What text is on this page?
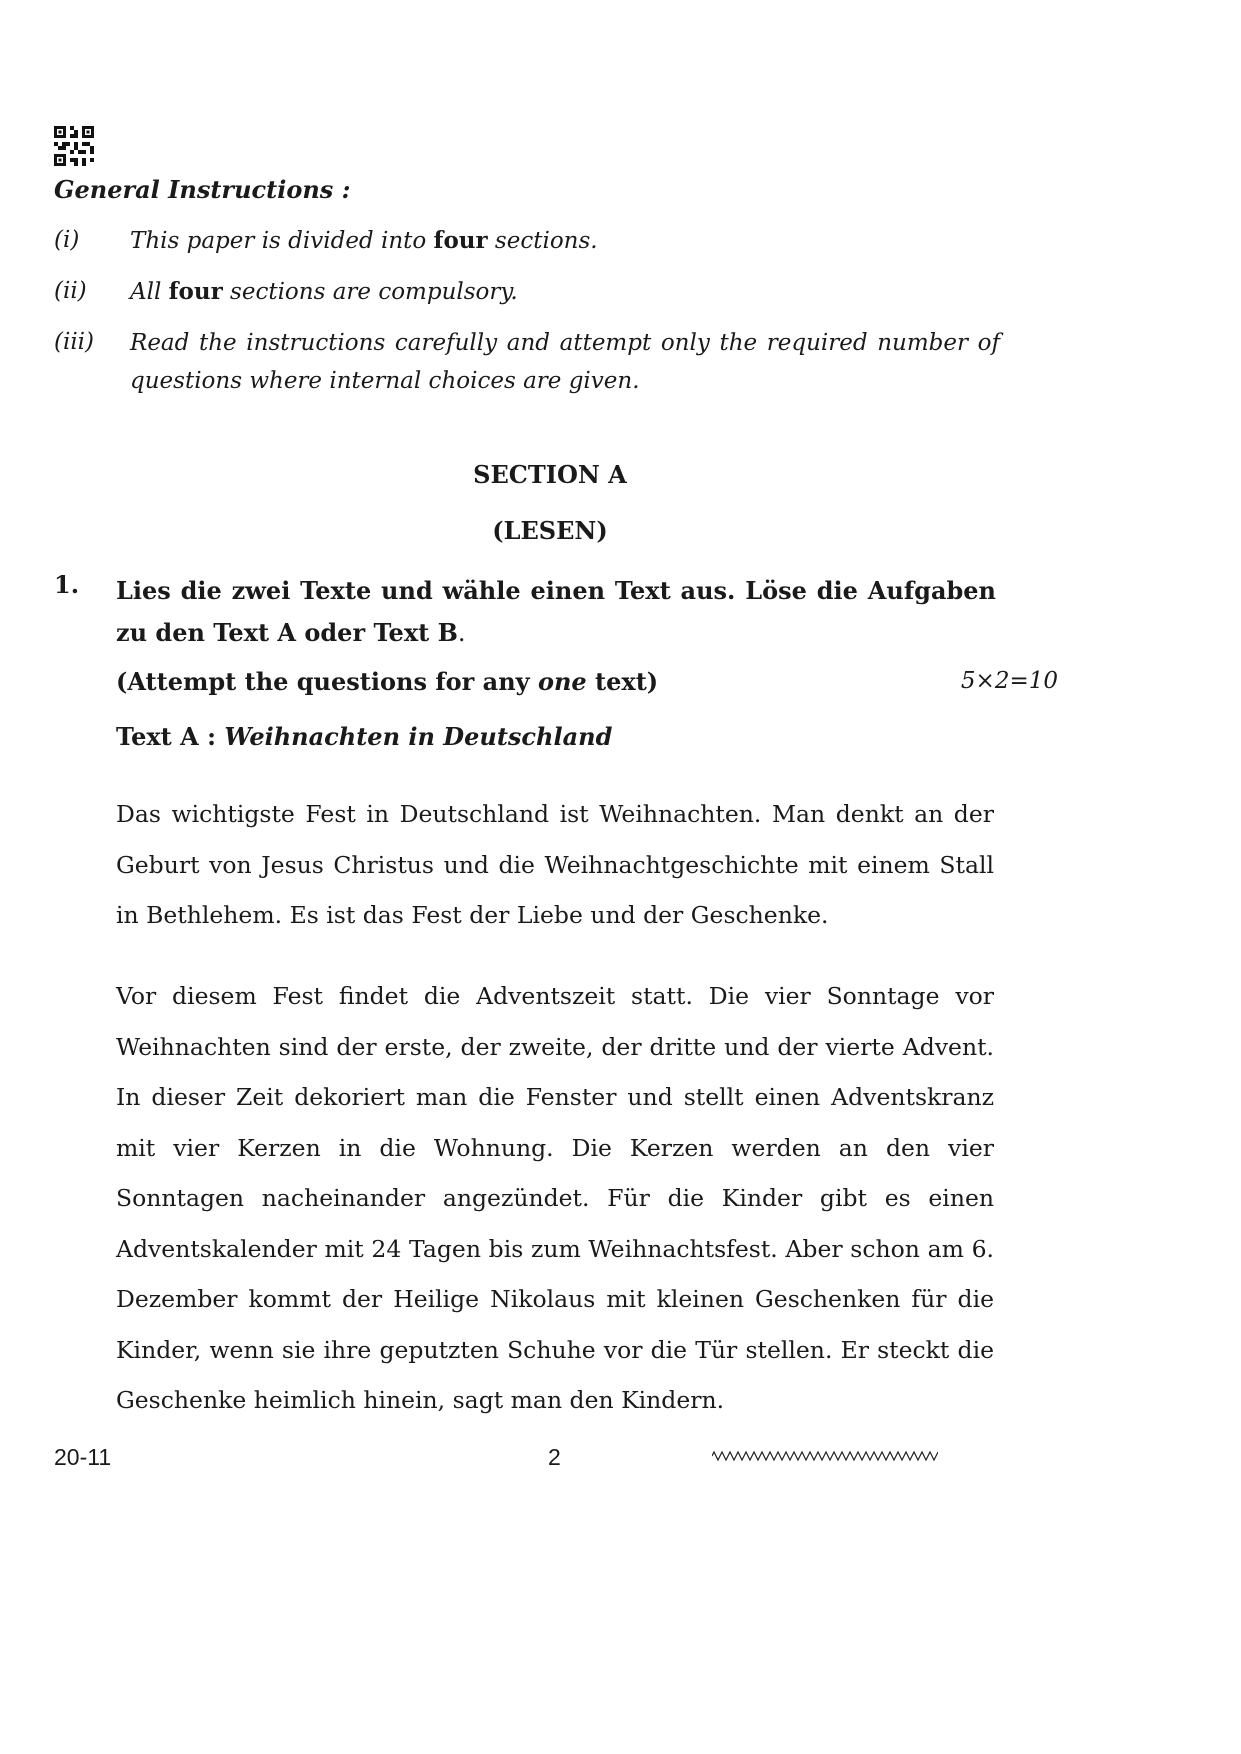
General Instructions :
(i) This paper is divided into four sections.
(ii) All four sections are compulsory.
(iii) Read the instructions carefully and attempt only the required number of questions where internal choices are given.
SECTION A
(LESEN)
1. Lies die zwei Texte und wähle einen Text aus. Löse die Aufgaben zu den Text A oder Text B.
(Attempt the questions for any one text)	5×2=10
Text A : Weihnachten in Deutschland
Das wichtigste Fest in Deutschland ist Weihnachten. Man denkt an der Geburt von Jesus Christus und die Weihnachtgeschichte mit einem Stall in Bethlehem. Es ist das Fest der Liebe und der Geschenke.
Vor diesem Fest findet die Adventszeit statt. Die vier Sonntage vor Weihnachten sind der erste, der zweite, der dritte und der vierte Advent. In dieser Zeit dekoriert man die Fenster und stellt einen Adventskranz mit vier Kerzen in die Wohnung. Die Kerzen werden an den vier Sonntagen nacheinander angezündet. Für die Kinder gibt es einen Adventskalender mit 24 Tagen bis zum Weihnachtsfest. Aber schon am 6. Dezember kommt der Heilige Nikolaus mit kleinen Geschenken für die Kinder, wenn sie ihre geputzten Schuhe vor die Tür stellen. Er steckt die Geschenke heimlich hinein, sagt man den Kindern.
20-11	2
